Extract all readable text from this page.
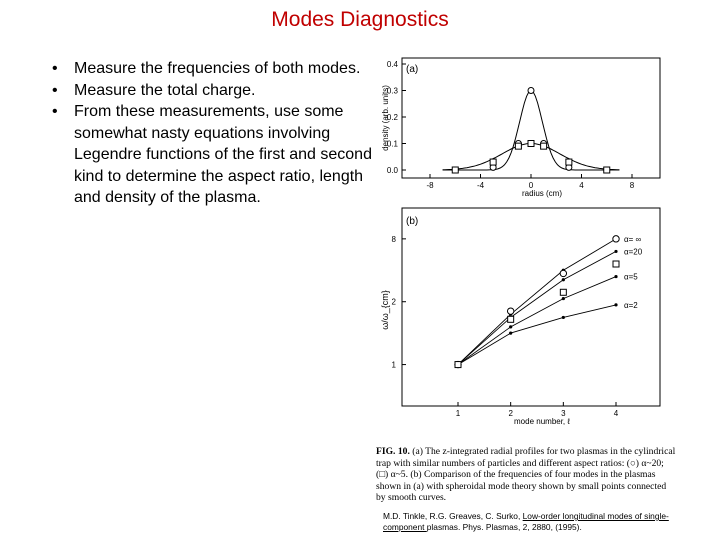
Modes Diagnostics
• Measure the frequencies of both modes.
• Measure the total charge.
• From these measurements, use some somewhat nasty equations involving Legendre functions of the first and second kind to determine the aspect ratio, length and density of the plasma.
(a)
density (arb. units)
radius (cm)
-8	-4	0	4	8
0.0
0.1
0.2
0.3
0.4
(b)
ω/ω_{cm}
mode number, ℓ
1	2	3	4
1
2
8	α= ∞
α=20
α=5
α=2
FIG. 10. (a) The z-integrated radial profiles for two plasmas in the cylindrical trap with similar numbers of particles and different aspect ratios: (○) α~20; (□) α~5. (b) Comparison of the frequencies of four modes in the plasmas shown in (a) with spheroidal mode theory shown by small points connected by smooth curves.
M.D. Tinkle, R.G. Greaves, C. Surko, Low-order longitudinal modes of single-component plasmas. Phys. Plasmas, 2, 2880, (1995).
